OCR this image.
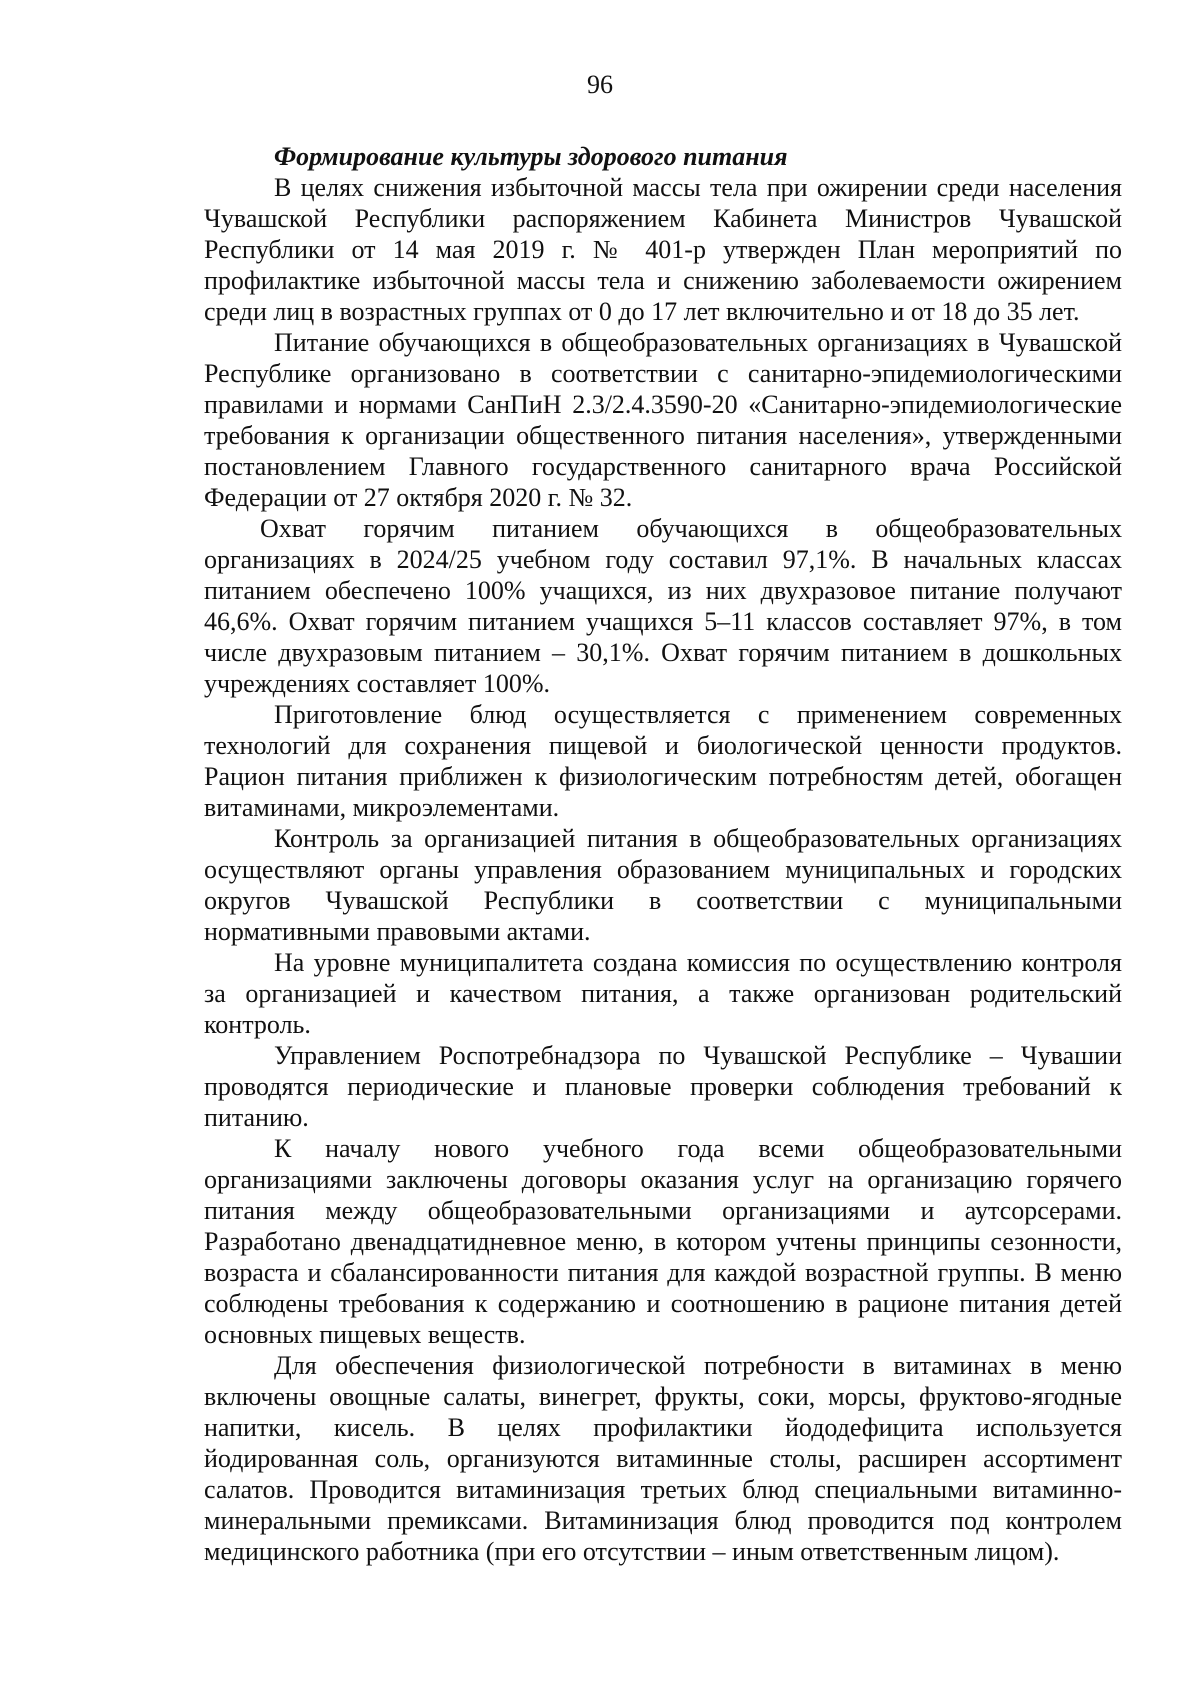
96

Формирование культуры здорового питания

В целях снижения избыточной массы тела при ожирении среди населения Чувашской Республики распоряжением Кабинета Министров Чувашской Республики от 14 мая 2019 г. № 401-р утвержден План мероприятий по профилактике избыточной массы тела и снижению заболеваемости ожирением среди лиц в возрастных группах от 0 до 17 лет включительно и от 18 до 35 лет.

Питание обучающихся в общеобразовательных организациях в Чувашской Республике организовано в соответствии с санитарно-эпидемиологическими правилами и нормами СанПиН 2.3/2.4.3590-20 «Санитарно-эпидемиологические требования к организации общественного питания населения», утвержденными постановлением Главного государственного санитарного врача Российской Федерации от 27 октября 2020 г. № 32.

Охват горячим питанием обучающихся в общеобразовательных организациях в 2024/25 учебном году составил 97,1%. В начальных классах питанием обеспечено 100% учащихся, из них двухразовое питание получают 46,6%. Охват горячим питанием учащихся 5–11 классов составляет 97%, в том числе двухразовым питанием – 30,1%. Охват горячим питанием в дошкольных учреждениях составляет 100%.

Приготовление блюд осуществляется с применением современных технологий для сохранения пищевой и биологической ценности продуктов. Рацион питания приближен к физиологическим потребностям детей, обогащен витаминами, микроэлементами.

Контроль за организацией питания в общеобразовательных организациях осуществляют органы управления образованием муниципальных и городских округов Чувашской Республики в соответствии с муниципальными нормативными правовыми актами.

На уровне муниципалитета создана комиссия по осуществлению контроля за организацией и качеством питания, а также организован родительский контроль.

Управлением Роспотребнадзора по Чувашской Республике – Чувашии проводятся периодические и плановые проверки соблюдения требований к питанию.

К началу нового учебного года всеми общеобразовательными организациями заключены договоры оказания услуг на организацию горячего питания между общеобразовательными организациями и аутсорсерами. Разработано двенадцатидневное меню, в котором учтены принципы сезонности, возраста и сбалансированности питания для каждой возрастной группы. В меню соблюдены требования к содержанию и соотношению в рационе питания детей основных пищевых веществ.

Для обеспечения физиологической потребности в витаминах в меню включены овощные салаты, винегрет, фрукты, соки, морсы, фруктово-ягодные напитки, кисель. В целях профилактики йододефицита используется йодированная соль, организуются витаминные столы, расширен ассортимент салатов. Проводится витаминизация третьих блюд специальными витаминно-минеральными премиксами. Витаминизация блюд проводится под контролем медицинского работника (при его отсутствии – иным ответственным лицом).
